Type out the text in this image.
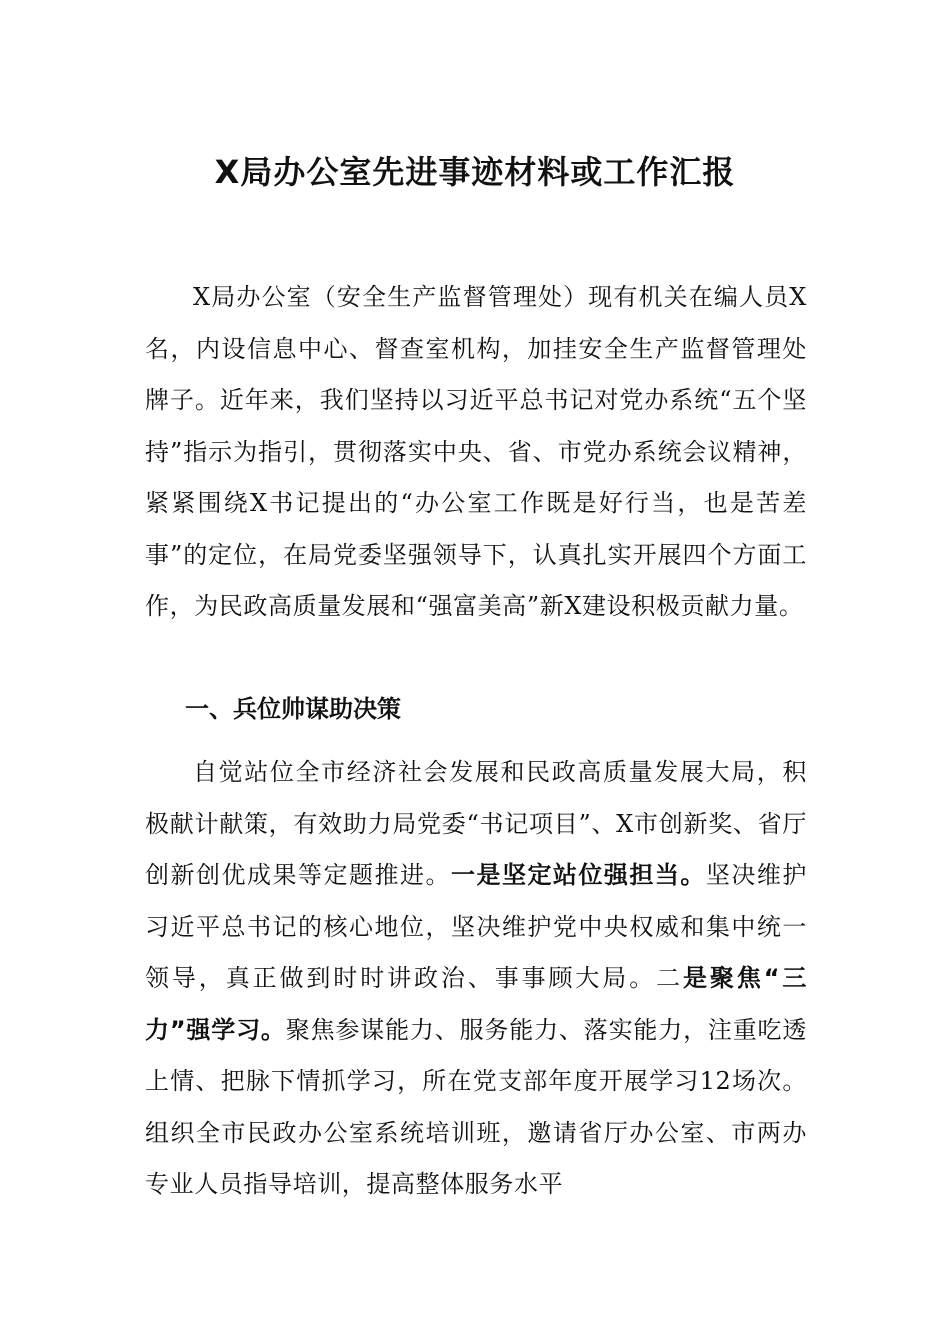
X局办公室先进事迹材料或工作汇报

X局办公室（安全生产监督管理处）现有机关在编人员X名，内设信息中心、督查室机构，加挂安全生产监督管理处牌子。近年来，我们坚持以习近平总书记对党办系统“五个坚持”指示为指引，贯彻落实中央、省、市党办系统会议精神，紧紧围绕X书记提出的“办公室工作既是好行当，也是苦差事”的定位，在局党委坚强领导下，认真扎实开展四个方面工作，为民政高质量发展和“强富美高”新X建设积极贡献力量。

一、兵位帅谋助决策

自觉站位全市经济社会发展和民政高质量发展大局，积极献计献策，有效助力局党委“书记项目”、X市创新奖、省厅创新创优成果等定题推进。一是坚定站位强担当。坚决维护习近平总书记的核心地位，坚决维护党中央权威和集中统一领导，真正做到时时讲政治、事事顾大局。二是聚焦“三力”强学习。聚焦参谋能力、服务能力、落实能力，注重吃透上情、把脉下情抓学习，所在党支部年度开展学习12场次。组织全市民政办公室系统培训班，邀请省厅办公室、市两办专业人员指导培训，提高整体服务水平
